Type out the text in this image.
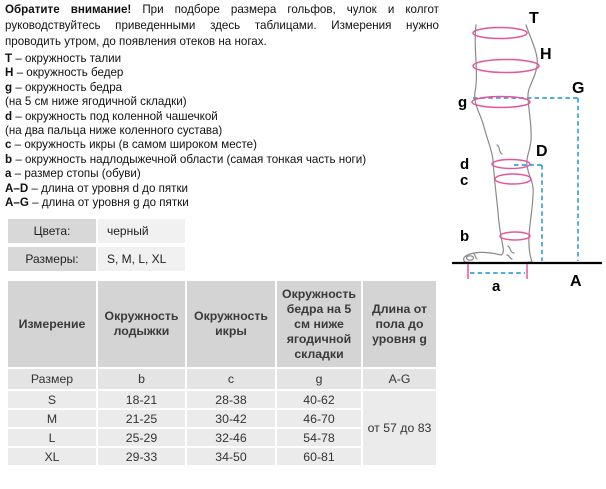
Обратите внимание! При подборе размера гольфов, чулок и колгот руководствуйтесь приведенными здесь таблицами. Измерения нужно проводить утром, до появления отеков на ногах.

T – окружность талии
H – окружность бедер
g – окружность бедра
(на 5 см ниже ягодичной складки)
d – окружность под коленной чашечкой
(на два пальца ниже коленного сустава)
c – окружность икры (в самом широком месте)
b – окружность надлодыжечной области (самая тонкая часть ноги)
a – размер стопы (обуви)
A–D – длина от уровня d до пятки
A–G – длина от уровня g до пятки
Цвета:	черный
Размеры:	S, M, L, XL
Измерение	Окружность лодыжки	Окружность икры	Окружность бедра на 5 см ниже ягодичной складки	Длина от пола до уровня g
Размер	b	c	g	A-G
S	18-21	28-38	40-62	от 57 до 83
M	21-25	30-42	46-70	
L	25-29	32-46	54-78	
XL	29-33	34-50	60-81	
T
H
G
g
D
d
c
b
A
a
